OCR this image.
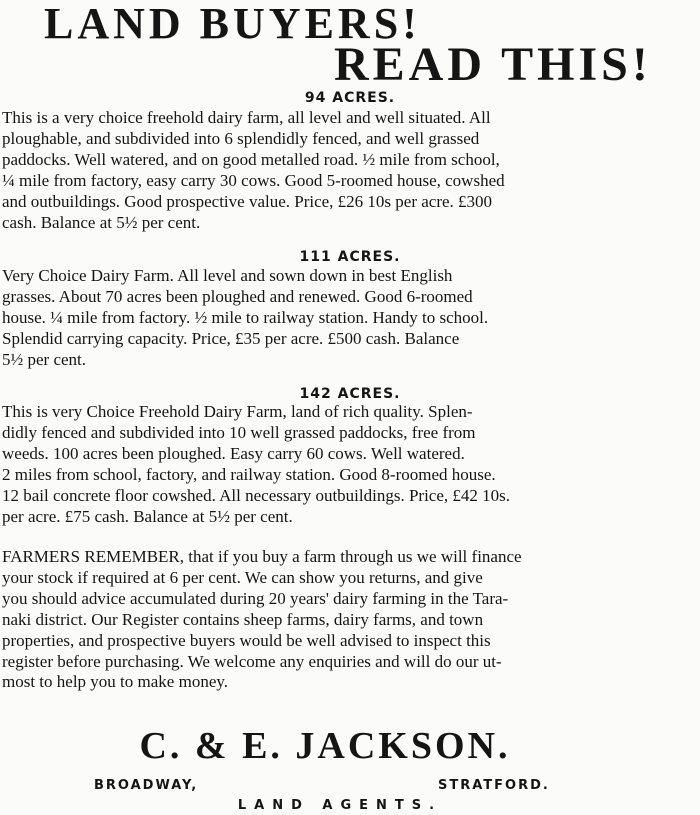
LAND BUYERS!
READ THIS!
94 ACRES.
This is a very choice freehold dairy farm, all level and well situated. All
ploughable, and subdivided into 6 splendidly fenced, and well grassed
paddocks. Well watered, and on good metalled road. ½ mile from school,
¼ mile from factory, easy carry 30 cows. Good 5-roomed house, cowshed
and outbuildings. Good prospective value. Price, £26 10s per acre. £300
cash. Balance at 5½ per cent.
111 ACRES.
Very Choice Dairy Farm. All level and sown down in best English
grasses. About 70 acres been ploughed and renewed. Good 6-roomed
house. ¼ mile from factory. ½ mile to railway station. Handy to school.
Splendid carrying capacity. Price, £35 per acre. £500 cash. Balance
5½ per cent.
142 ACRES.
This is very Choice Freehold Dairy Farm, land of rich quality. Splen-
didly fenced and subdivided into 10 well grassed paddocks, free from
weeds. 100 acres been ploughed. Easy carry 60 cows. Well watered.
2 miles from school, factory, and railway station. Good 8-roomed house.
12 bail concrete floor cowshed. All necessary outbuildings. Price, £42 10s.
per acre. £75 cash. Balance at 5½ per cent.
FARMERS REMEMBER, that if you buy a farm through us we will finance
your stock if required at 6 per cent. We can show you returns, and give
you should advice accumulated during 20 years' dairy farming in the Tara-
naki district. Our Register contains sheep farms, dairy farms, and town
properties, and prospective buyers would be well advised to inspect this
register before purchasing. We welcome any enquiries and will do our ut-
most to help you to make money.
C. & E. JACKSON.
BROADWAY,	STRATFORD.
LAND AGENTS.
